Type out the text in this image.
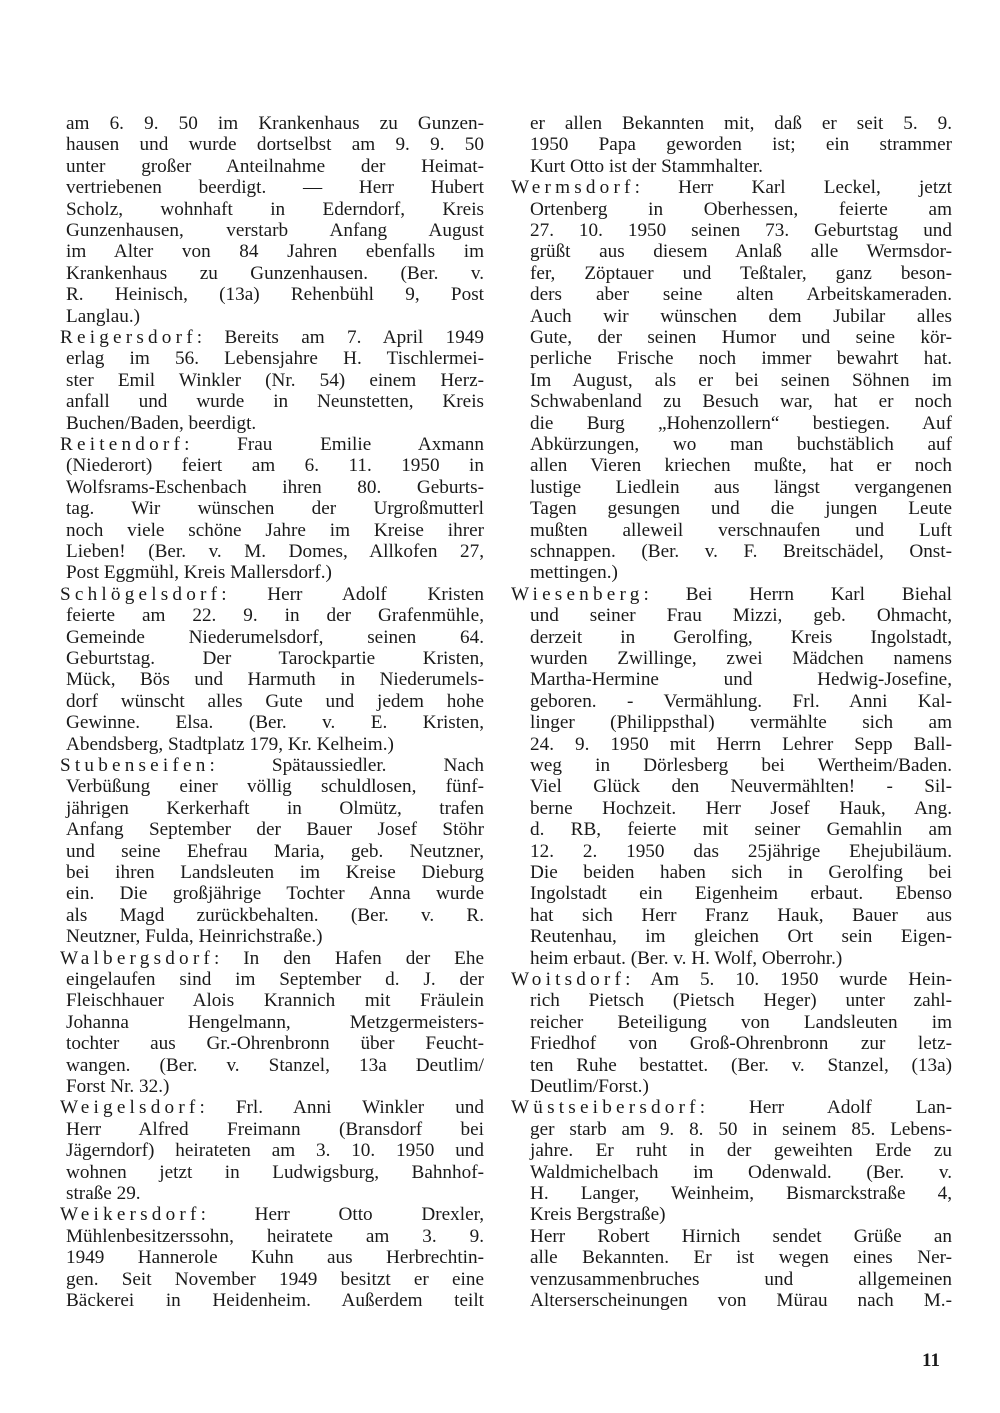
am 6. 9. 50 im Krankenhaus zu Gunzen-
hausen und wurde dortselbst am 9. 9. 50
unter großer Anteilnahme der Heimat-
vertriebenen beerdigt. — Herr Hubert
Scholz, wohnhaft in Ederndorf, Kreis
Gunzenhausen, verstarb Anfang August
im Alter von 84 Jahren ebenfalls im
Krankenhaus zu Gunzenhausen. (Ber. v.
R. Heinisch, (13a) Rehenbühl 9, Post
Langlau.)
Reigersdorf: Bereits am 7. April 1949
erlag im 56. Lebensjahre H. Tischlermei-
ster Emil Winkler (Nr. 54) einem Herz-
anfall und wurde in Neunstetten, Kreis
Buchen/Baden, beerdigt.
Reitendorf: Frau Emilie Axmann
(Niederort) feiert am 6. 11. 1950 in
Wolfsrams-Eschenbach ihren 80. Geburts-
tag. Wir wünschen der Urgroßmutterl
noch viele schöne Jahre im Kreise ihrer
Lieben! (Ber. v. M. Domes, Allkofen 27,
Post Eggmühl, Kreis Mallersdorf.)
Schlögelsdorf: Herr Adolf Kristen
feierte am 22. 9. in der Grafenmühle,
Gemeinde Niederumelsdorf, seinen 64.
Geburtstag. Der Tarockpartie Kristen,
Mück, Bös und Harmuth in Niederumels-
dorf wünscht alles Gute und jedem hohe
Gewinne. Elsa. (Ber. v. E. Kristen,
Abendsberg, Stadtplatz 179, Kr. Kelheim.)
Stubenseifen: Spätaussiedler. Nach
Verbüßung einer völlig schuldlosen, fünf-
jährigen Kerkerhaft in Olmütz, trafen
Anfang September der Bauer Josef Stöhr
und seine Ehefrau Maria, geb. Neutzner,
bei ihren Landsleuten im Kreise Dieburg
ein. Die großjährige Tochter Anna wurde
als Magd zurückbehalten. (Ber. v. R.
Neutzner, Fulda, Heinrichstraße.)
Walbergsdorf: In den Hafen der Ehe
eingelaufen sind im September d. J. der
Fleischhauer Alois Krannich mit Fräulein
Johanna Hengelmann, Metzgermeisters-
tochter aus Gr.-Ohrenbronn über Feucht-
wangen. (Ber. v. Stanzel, 13a Deutlim/
Forst Nr. 32.)
Weigelsdorf: Frl. Anni Winkler und
Herr Alfred Freimann (Bransdorf bei
Jägerndorf) heirateten am 3. 10. 1950 und
wohnen jetzt in Ludwigsburg, Bahnhof-
straße 29.
Weikersdorf: Herr Otto Drexler,
Mühlenbesitzerssohn, heiratete am 3. 9.
1949 Hannerole Kuhn aus Herbrechtin-
gen. Seit November 1949 besitzt er eine
Bäckerei in Heidenheim. Außerdem teilt
er allen Bekannten mit, daß er seit 5. 9.
1950 Papa geworden ist; ein strammer
Kurt Otto ist der Stammhalter.
Wermsdorf: Herr Karl Leckel, jetzt
Ortenberg in Oberhessen, feierte am
27. 10. 1950 seinen 73. Geburtstag und
grüßt aus diesem Anlaß alle Wermsdor-
fer, Zöptauer und Teßtaler, ganz beson-
ders aber seine alten Arbeitskameraden.
Auch wir wünschen dem Jubilar alles
Gute, der seinen Humor und seine kör-
perliche Frische noch immer bewahrt hat.
Im August, als er bei seinen Söhnen im
Schwabenland zu Besuch war, hat er noch
die Burg „Hohenzollern“ bestiegen. Auf
Abkürzungen, wo man buchstäblich auf
allen Vieren kriechen mußte, hat er noch
lustige Liedlein aus längst vergangenen
Tagen gesungen und die jungen Leute
mußten alleweil verschnaufen und Luft
schnappen. (Ber. v. F. Breitschädel, Onst-
mettingen.)
Wiesenberg: Bei Herrn Karl Biehal
und seiner Frau Mizzi, geb. Ohmacht,
derzeit in Gerolfing, Kreis Ingolstadt,
wurden Zwillinge, zwei Mädchen namens
Martha-Hermine und Hedwig-Josefine,
geboren. - Vermählung. Frl. Anni Kal-
linger (Philippsthal) vermählte sich am
24. 9. 1950 mit Herrn Lehrer Sepp Ball-
weg in Dörlesberg bei Wertheim/Baden.
Viel Glück den Neuvermählten! - Sil-
berne Hochzeit. Herr Josef Hauk, Ang.
d. RB, feierte mit seiner Gemahlin am
12. 2. 1950 das 25jährige Ehejubiläum.
Die beiden haben sich in Gerolfing bei
Ingolstadt ein Eigenheim erbaut. Ebenso
hat sich Herr Franz Hauk, Bauer aus
Reutenhau, im gleichen Ort sein Eigen-
heim erbaut. (Ber. v. H. Wolf, Oberrohr.)
Woitsdorf: Am 5. 10. 1950 wurde Hein-
rich Pietsch (Pietsch Heger) unter zahl-
reicher Beteiligung von Landsleuten im
Friedhof von Groß-Ohrenbronn zur letz-
ten Ruhe bestattet. (Ber. v. Stanzel, (13a)
Deutlim/Forst.)
Wüstseibersdorf: Herr Adolf Lan-
ger starb am 9. 8. 50 in seinem 85. Lebens-
jahre. Er ruht in der geweihten Erde zu
Waldmichelbach im Odenwald. (Ber. v.
H. Langer, Weinheim, Bismarckstraße 4,
Kreis Bergstraße)
Herr Robert Hirnich sendet Grüße an
alle Bekannten. Er ist wegen eines Ner-
venzusammenbruches und allgemeinen
Alterserscheinungen von Mürau nach M.-
11
